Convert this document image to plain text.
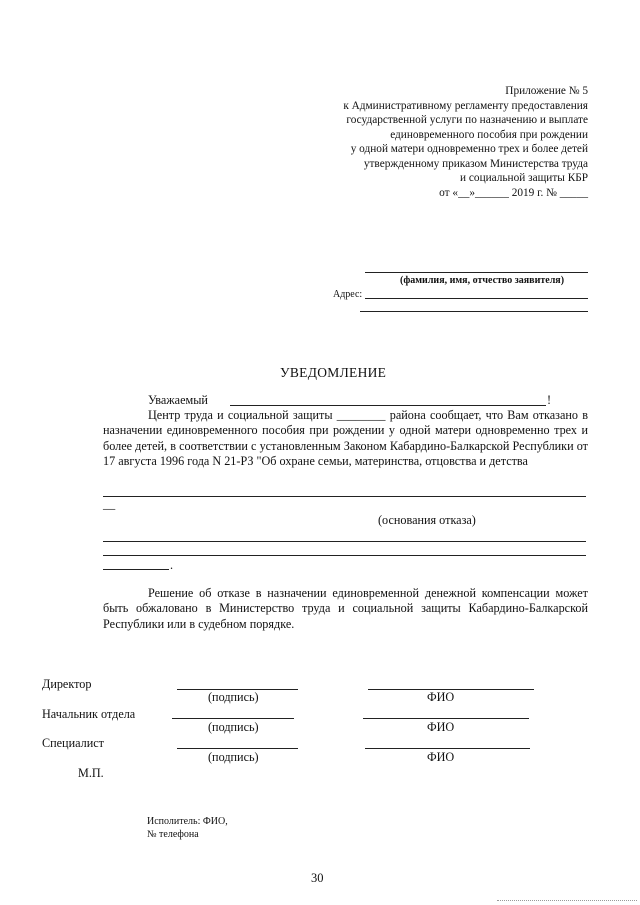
Приложение № 5
к Административному регламенту предоставления
государственной услуги по назначению и выплате
единовременного пособия при рождении
у одной матери одновременно трех и более детей
утвержденному приказом Министерства труда
и социальной защиты КБР
от «__»______ 2019 г. № _____
(фамилия, имя, отчество заявителя)
Адрес:
УВЕДОМЛЕНИЕ
Уважаемый	!
Центр труда и социальной защиты ________ района сообщает, что Вам отказано в назначении единовременного пособия при рождении у одной матери одновременно трех и более детей, в соответствии с установленным Законом Кабардино-Балкарской Республики от 17 августа 1996 года N 21-РЗ "Об охране семьи, материнства, отцовства и детства
__
(основания отказа)
.
Решение об отказе в назначении единовременной денежной компенсации может быть обжаловано в Министерство труда и социальной защиты Кабардино-Балкарской Республики или в судебном порядке.
Директор
(подпись)	ФИО
Начальник отдела
(подпись)	ФИО
Специалист
(подпись)	ФИО
М.П.
Исполитель: ФИО,
№ телефона
30
